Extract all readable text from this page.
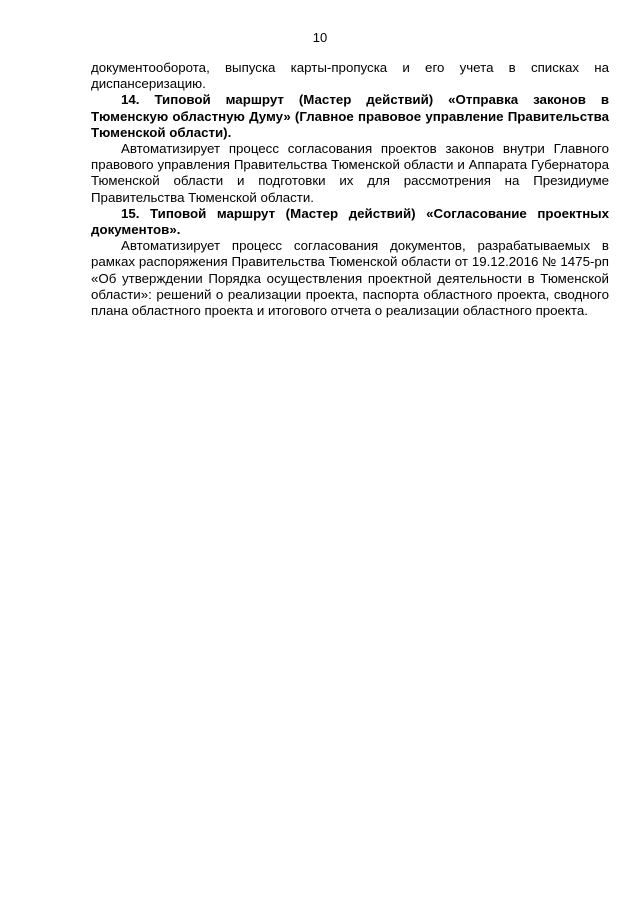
10

документооборота, выпуска карты-пропуска и его учета в списках на диспансеризацию.

14. Типовой маршрут (Мастер действий) «Отправка законов в Тюменскую областную Думу» (Главное правовое управление Правительства Тюменской области).

Автоматизирует процесс согласования проектов законов внутри Главного правового управления Правительства Тюменской области и Аппарата Губернатора Тюменской области и подготовки их для рассмотрения на Президиуме Правительства Тюменской области.

15. Типовой маршрут (Мастер действий) «Согласование проектных документов».

Автоматизирует процесс согласования документов, разрабатываемых в рамках распоряжения Правительства Тюменской области от 19.12.2016 № 1475-рп «Об утверждении Порядка осуществления проектной деятельности в Тюменской области»: решений о реализации проекта, паспорта областного проекта, сводного плана областного проекта и итогового отчета о реализации областного проекта.
